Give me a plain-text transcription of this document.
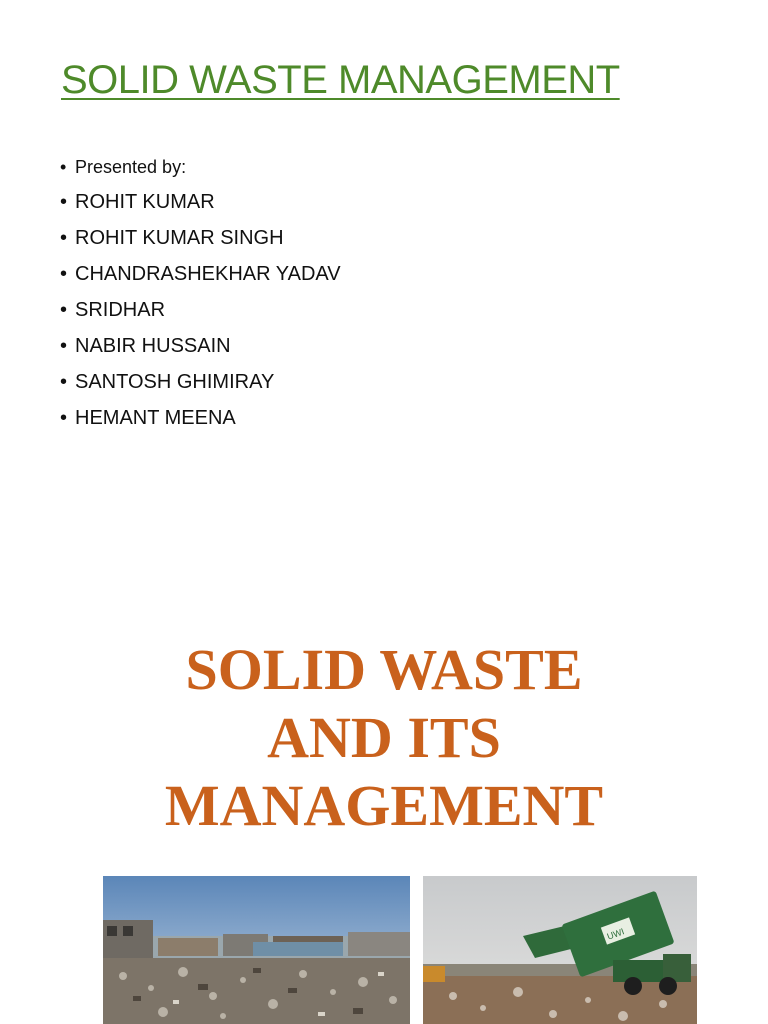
SOLID WASTE MANAGEMENT
• Presented by:
• ROHIT KUMAR
• ROHIT KUMAR SINGH
• CHANDRASHEKHAR YADAV
• SRIDHAR
• NABIR HUSSAIN
• SANTOSH GHIMIRAY
• HEMANT MEENA
SOLID WASTE
AND ITS
MANAGEMENT
UWI
